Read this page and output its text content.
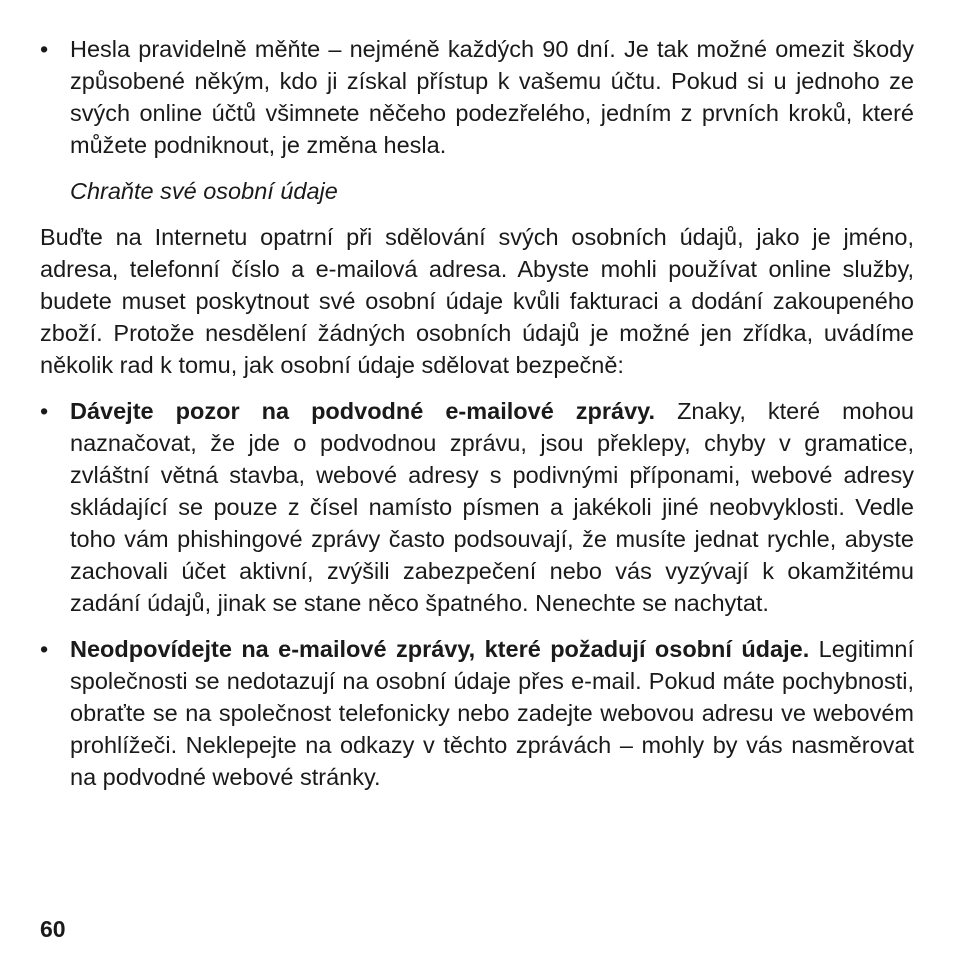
• Hesla pravidelně měňte – nejméně každých 90 dní. Je tak možné omezit škody způsobené někým, kdo ji získal přístup k vašemu účtu. Pokud si u jednoho ze svých online účtů všimnete něčeho podezřelého, jedním z prvních kroků, které můžete podniknout, je změna hesla.
Chraňte své osobní údaje
Buďte na Internetu opatrní při sdělování svých osobních údajů, jako je jméno, adresa, telefonní číslo a e-mailová adresa. Abyste mohli používat online služby, budete muset poskytnout své osobní údaje kvůli fakturaci a dodání zakoupeného zboží. Protože nesdělení žádných osobních údajů je možné jen zřídka, uvádíme několik rad k tomu, jak osobní údaje sdělovat bezpečně:
• Dávejte pozor na podvodné e-mailové zprávy. Znaky, které mohou naznačovat, že jde o podvodnou zprávu, jsou překlepy, chyby v gramatice, zvláštní větná stavba, webové adresy s podivnými příponami, webové adresy skládající se pouze z čísel namísto písmen a jakékoli jiné neobvyklosti. Vedle toho vám phishingové zprávy často podsouvají, že musíte jednat rychle, abyste zachovali účet aktivní, zvýšili zabezpečení nebo vás vyzývají k okamžitému zadání údajů, jinak se stane něco špatného. Nenechte se nachytat.
• Neodpovídejte na e-mailové zprávy, které požadují osobní údaje. Legitimní společnosti se nedotazují na osobní údaje přes e-mail. Pokud máte pochybnosti, obraťte se na společnost telefonicky nebo zadejte webovou adresu ve webovém prohlížeči. Neklepejte na odkazy v těchto zprávách – mohly by vás nasměrovat na podvodné webové stránky.
60
